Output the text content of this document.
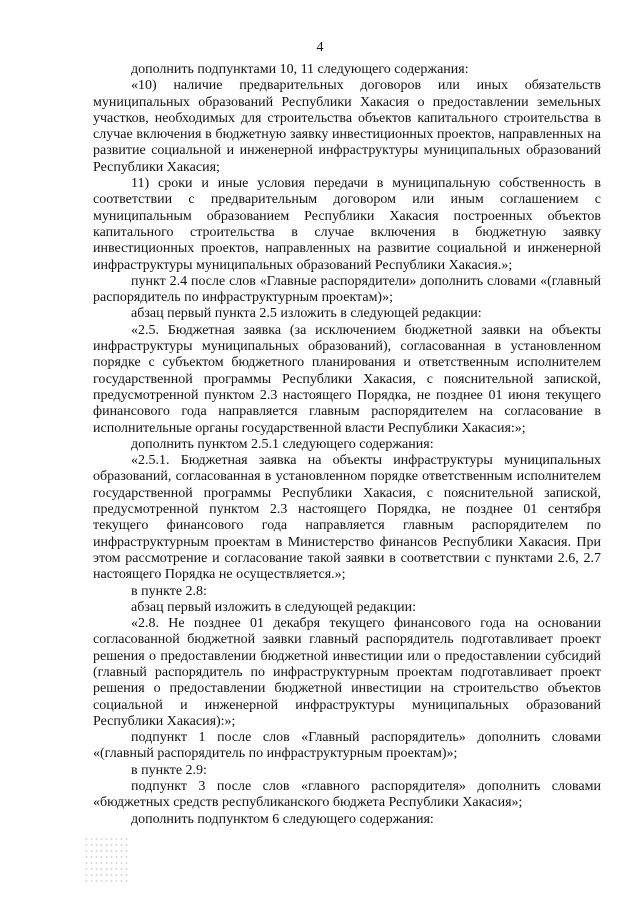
4

дополнить подпунктами 10, 11 следующего содержания:

«10) наличие предварительных договоров или иных обязательств муниципальных образований Республики Хакасия о предоставлении земельных участков, необходимых для строительства объектов капитального строительства в случае включения в бюджетную заявку инвестиционных проектов, направленных на развитие социальной и инженерной инфраструктуры муниципальных образований Республики Хакасия;

11) сроки и иные условия передачи в муниципальную собственность в соответствии с предварительным договором или иным соглашением с муниципальным образованием Республики Хакасия построенных объектов капитального строительства в случае включения в бюджетную заявку инвестиционных проектов, направленных на развитие социальной и инженерной инфраструктуры муниципальных образований Республики Хакасия.»;

пункт 2.4 после слов «Главные распорядители» дополнить словами «(главный распорядитель по инфраструктурным проектам)»;

абзац первый пункта 2.5 изложить в следующей редакции:

«2.5. Бюджетная заявка (за исключением бюджетной заявки на объекты инфраструктуры муниципальных образований), согласованная в установленном порядке с субъектом бюджетного планирования и ответственным исполнителем государственной программы Республики Хакасия, с пояснительной запиской, предусмотренной пунктом 2.3 настоящего Порядка, не позднее 01 июня текущего финансового года направляется главным распорядителем на согласование в исполнительные органы государственной власти Республики Хакасия:»;

дополнить пунктом 2.5.1 следующего содержания:

«2.5.1. Бюджетная заявка на объекты инфраструктуры муниципальных образований, согласованная в установленном порядке ответственным исполнителем государственной программы Республики Хакасия, с пояснительной запиской, предусмотренной пунктом 2.3 настоящего Порядка, не позднее 01 сентября текущего финансового года направляется главным распорядителем по инфраструктурным проектам в Министерство финансов Республики Хакасия. При этом рассмотрение и согласование такой заявки в соответствии с пунктами 2.6, 2.7 настоящего Порядка не осуществляется.»;

в пункте 2.8:

абзац первый изложить в следующей редакции:

«2.8. Не позднее 01 декабря текущего финансового года на основании согласованной бюджетной заявки главный распорядитель подготавливает проект решения о предоставлении бюджетной инвестиции или о предоставлении субсидий (главный распорядитель по инфраструктурным проектам подготавливает проект решения о предоставлении бюджетной инвестиции на строительство объектов социальной и инженерной инфраструктуры муниципальных образований Республики Хакасия):»;

подпункт 1 после слов «Главный распорядитель» дополнить словами «(главный распорядитель по инфраструктурным проектам)»;

в пункте 2.9:

подпункт 3 после слов «главного распорядителя» дополнить словами «бюджетных средств республиканского бюджета Республики Хакасия»;

дополнить подпунктом 6 следующего содержания:
